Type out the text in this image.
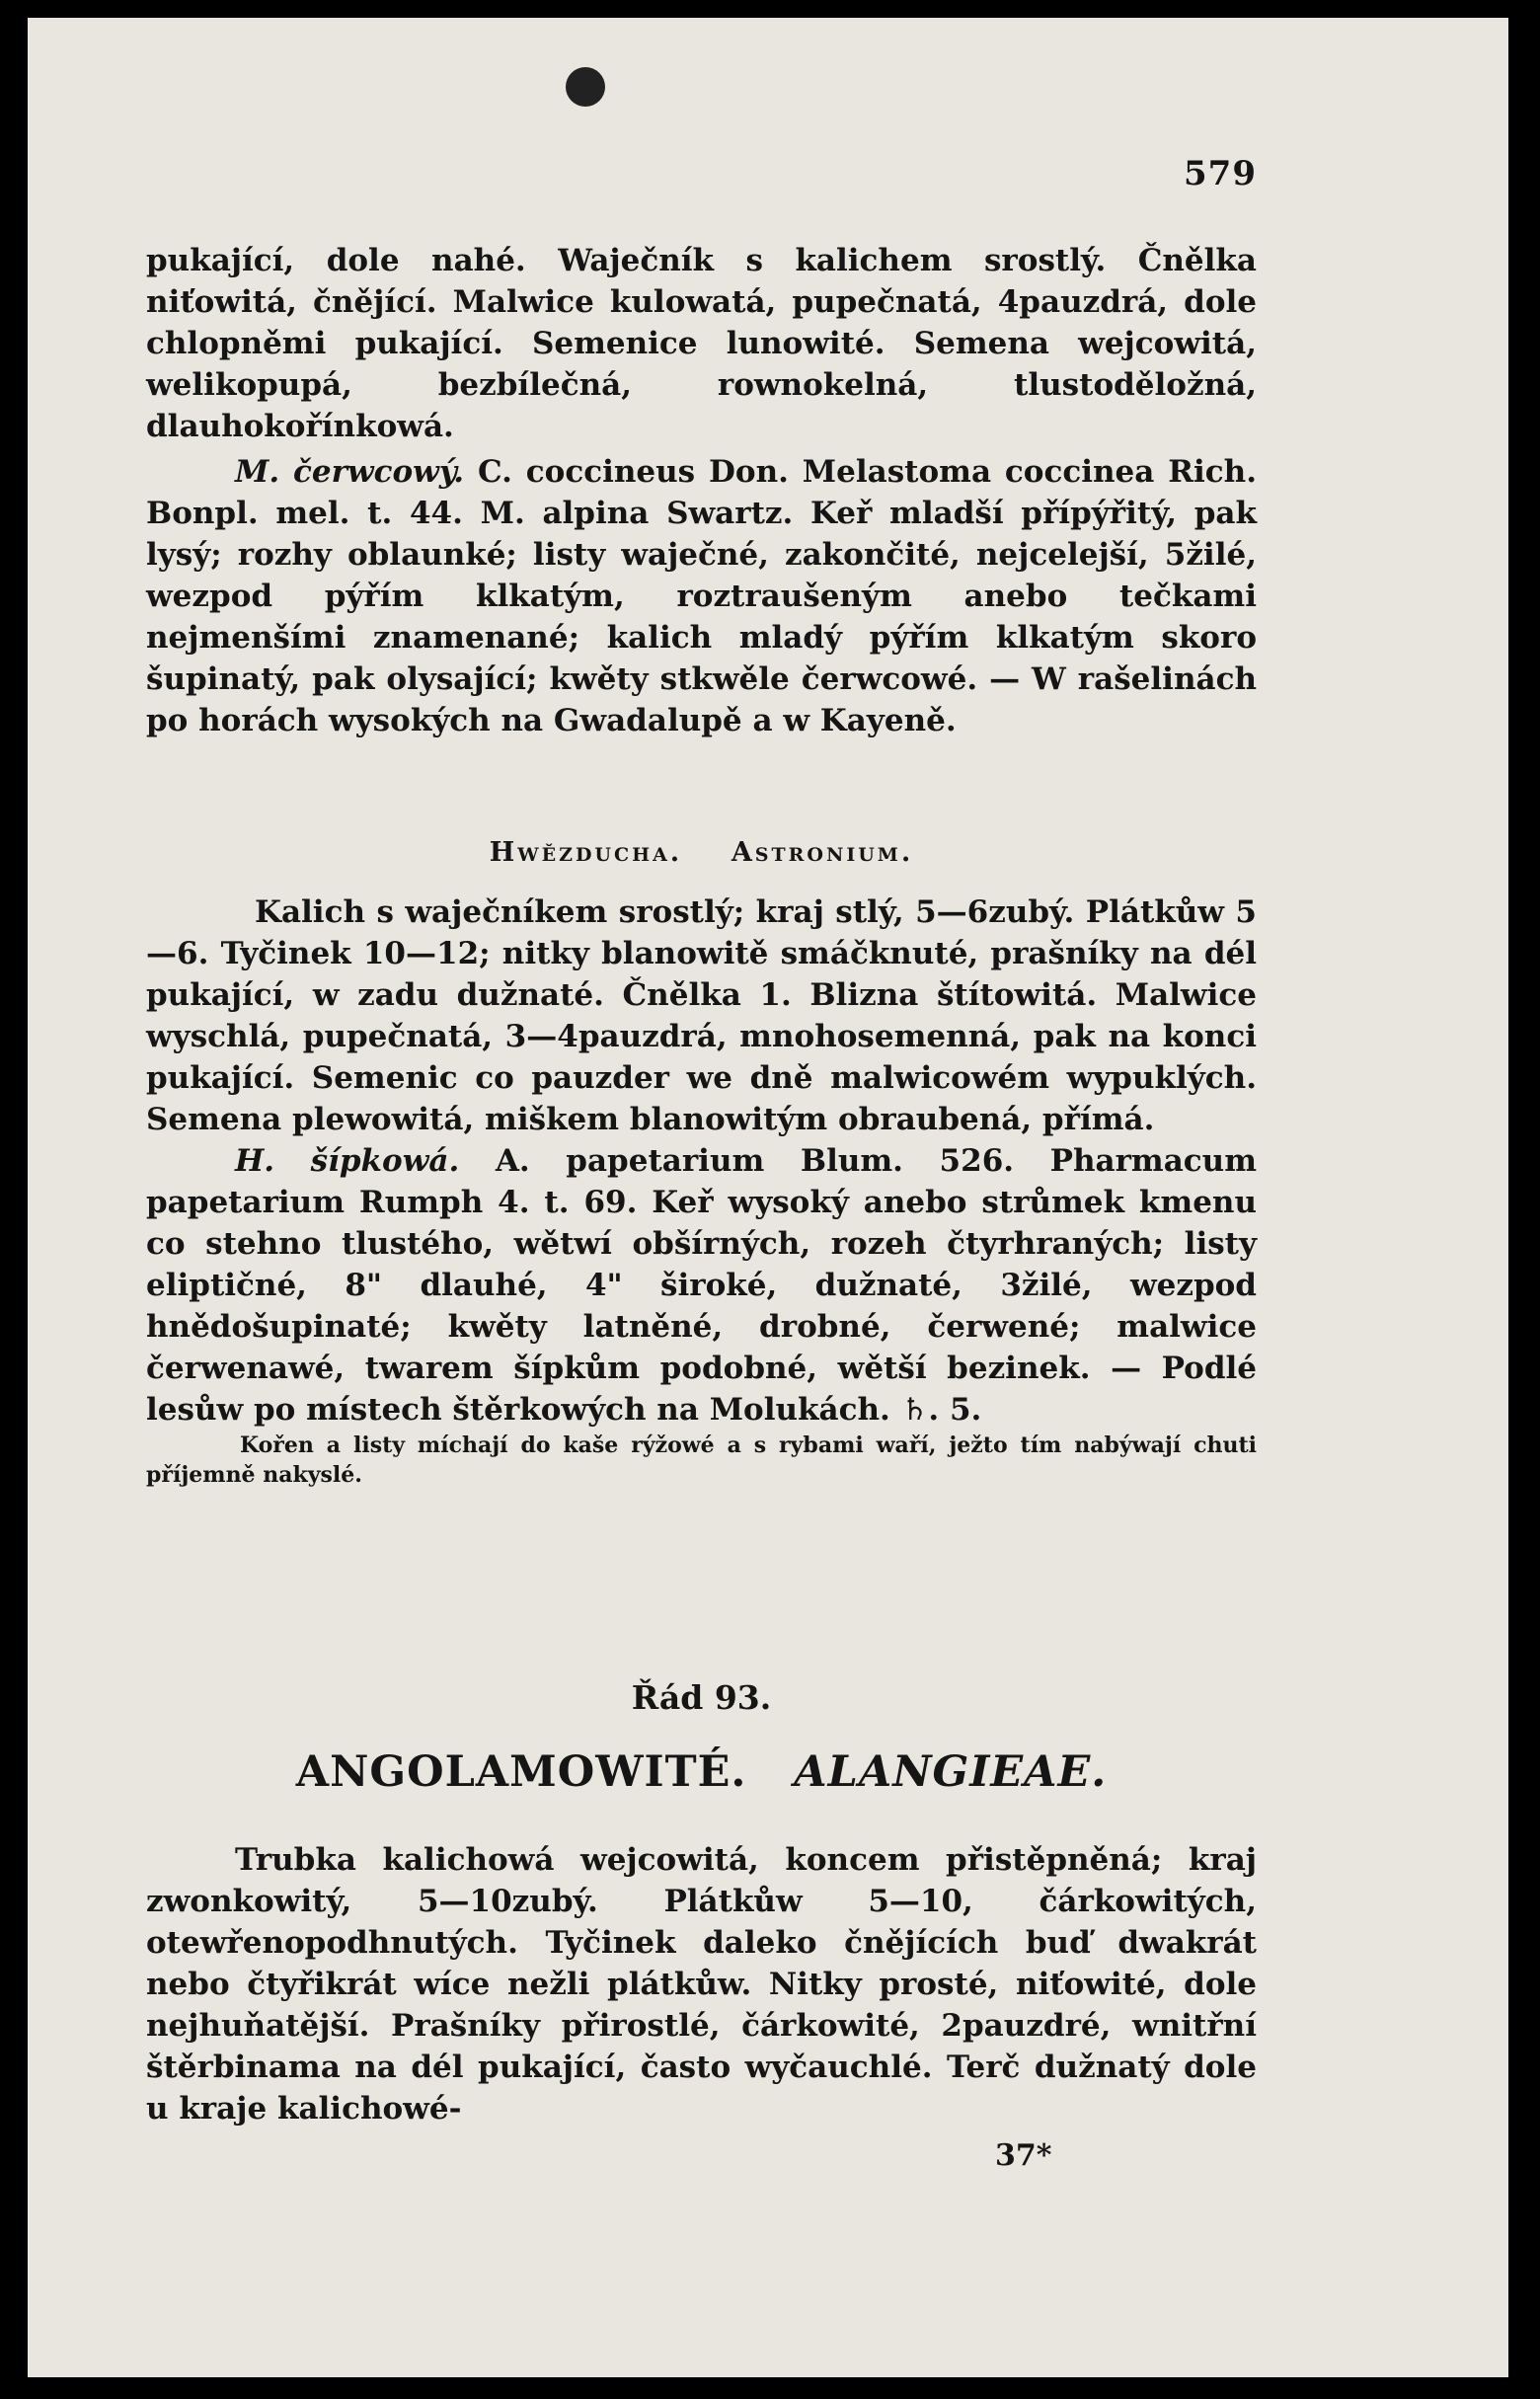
579

pukající, dole nahé. Waječník s kalichem srostlý. Čnělka niťowitá, čnějící. Malwice kulowatá, pupečnatá, 4pauzdrá, dole chlopněmi pukající. Semenice lunowité. Semena wejcowitá, welikopupá, bezbílečná, rownokelná, tlustoděložná, dlauhokořínkowá.

M. čerwcowý. C. coccineus Don. Melastoma coccinea Rich. Bonpl. mel. t. 44. M. alpina Swartz. Keř mladší přípýřitý, pak lysý; rozhy oblaunké; listy waječné, zakončité, nejcelejší, 5žilé, wezpod pýřím klkatým, roztraušeným anebo tečkami nejmenšími znamenané; kalich mladý pýřím klkatým skoro šupinatý, pak olysající; kwěty stkwěle čerwcowé. — W rašelinách po horách wysokých na Gwadalupě a w Kayeně.

Hwězducha. Astronium.

Kalich s waječníkem srostlý; kraj stlý, 5—6zubý. Plátkůw 5—6. Tyčinek 10—12; nitky blanowitě smáčknuté, prašníky na dél pukající, w zadu dužnaté. Čnělka 1. Blizna štítowitá. Malwice wyschlá, pupečnatá, 3—4pauzdrá, mnohosemenná, pak na konci pukající. Semenic co pauzder we dně malwicowém wypuklých. Semena plewowitá, miškem blanowitým obraubená, přímá.

H. šípkowá. A. papetarium Blum. 526. Pharmacum papetarium Rumph 4. t. 69. Keř wysoký anebo strůmek kmenu co stehno tlustého, wětwí obšírných, rozeh čtyrhraných; listy eliptičné, 8" dlauhé, 4" široké, dužnaté, 3žilé, wezpod hnědošupinaté; kwěty latněné, drobné, čerwené; malwice čerwenawé, twarem šípkům podobné, wětší bezinek. — Podlé lesůw po místech štěrkowých na Molukách. ♄. 5.

Kořen a listy míchají do kaše rýžowé a s rybami waří, ježto tím nabýwají chuti příjemně nakyslé.

Řád 93.
ANGOLAMOWITÉ. ALANGIEAE.

Trubka kalichowá wejcowitá, koncem přistěpněná; kraj zwonkowitý, 5—10zubý. Plátkůw 5—10, čárkowitých, otewřenopodhnutých. Tyčinek daleko čnějících buď dwakrát nebo čtyřikrát wíce nežli plátkůw. Nitky prosté, niťowité, dole nejhuňatější. Prašníky přirostlé, čárkowité, 2pauzdré, wnitřní štěrbinama na dél pukající, často wyčauchlé. Terč dužnatý dole u kraje kalichowé-

37*
